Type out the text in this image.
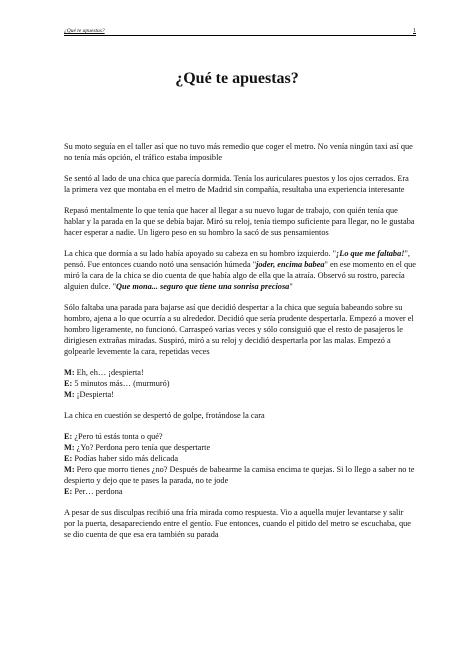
¿Qué te apuestas?	1
¿Qué te apuestas?

Su moto seguía en el taller así que no tuvo más remedio que coger el metro. No venía ningún taxi así que no tenía más opción, el tráfico estaba imposible

Se sentó al lado de una chica que parecía dormida. Tenía los auriculares puestos y los ojos cerrados. Era la primera vez que montaba en el metro de Madrid sin compañía, resultaba una experiencia interesante

Repasó mentalmente lo que tenía que hacer al llegar a su nuevo lugar de trabajo, con quién tenía que hablar y la parada en la que se debía bajar. Miró su reloj, tenía tiempo suficiente para llegar, no le gustaba hacer esperar a nadie. Un ligero peso en su hombro la sacó de sus pensamientos

La chica que dormía a su lado había apoyado su cabeza en su hombro izquierdo. "¡Lo que me faltaba!", pensó. Fue entonces cuando notó una sensación húmeda "joder, encima babea" en ese momento en el que miró la cara de la chica se dio cuenta de que había algo de ella que la atraía. Observó su rostro, parecía alguien dulce. "Que mona... seguro que tiene una sonrisa preciosa"

Sólo faltaba una parada para bajarse así que decidió despertar a la chica que seguía babeando sobre su hombro, ajena a lo que ocurría a su alrededor. Decidió que sería prudente despertarla. Empezó a mover el hombro ligeramente, no funcionó. Carraspeó varias veces y sólo consiguió que el resto de pasajeros le dirigiesen extrañas miradas. Suspiró, miró a su reloj y decidió despertarla por las malas. Empezó a golpearle levemente la cara, repetidas veces

M: Eh, eh… ¡despierta!
E: 5 minutos más… (murmuró)
M: ¡Despierta!

La chica en cuestión se despertó de golpe, frotándose la cara

E: ¿Pero tú estás tonta o qué?
M: ¿Yo? Perdona pero tenía que despertarte
E: Podías haber sido más delicada
M: Pero que morro tienes ¿no? Después de babearme la camisa encima te quejas. Si lo llego a saber no te despierto y dejo que te pases la parada, no te jode
E: Per… perdona

A pesar de sus disculpas recibió una fría mirada como respuesta. Vio a aquella mujer levantarse y salir por la puerta, desapareciendo entre el gentío. Fue entonces, cuando el pitido del metro se escuchaba, que se dio cuenta de que esa era también su parada
